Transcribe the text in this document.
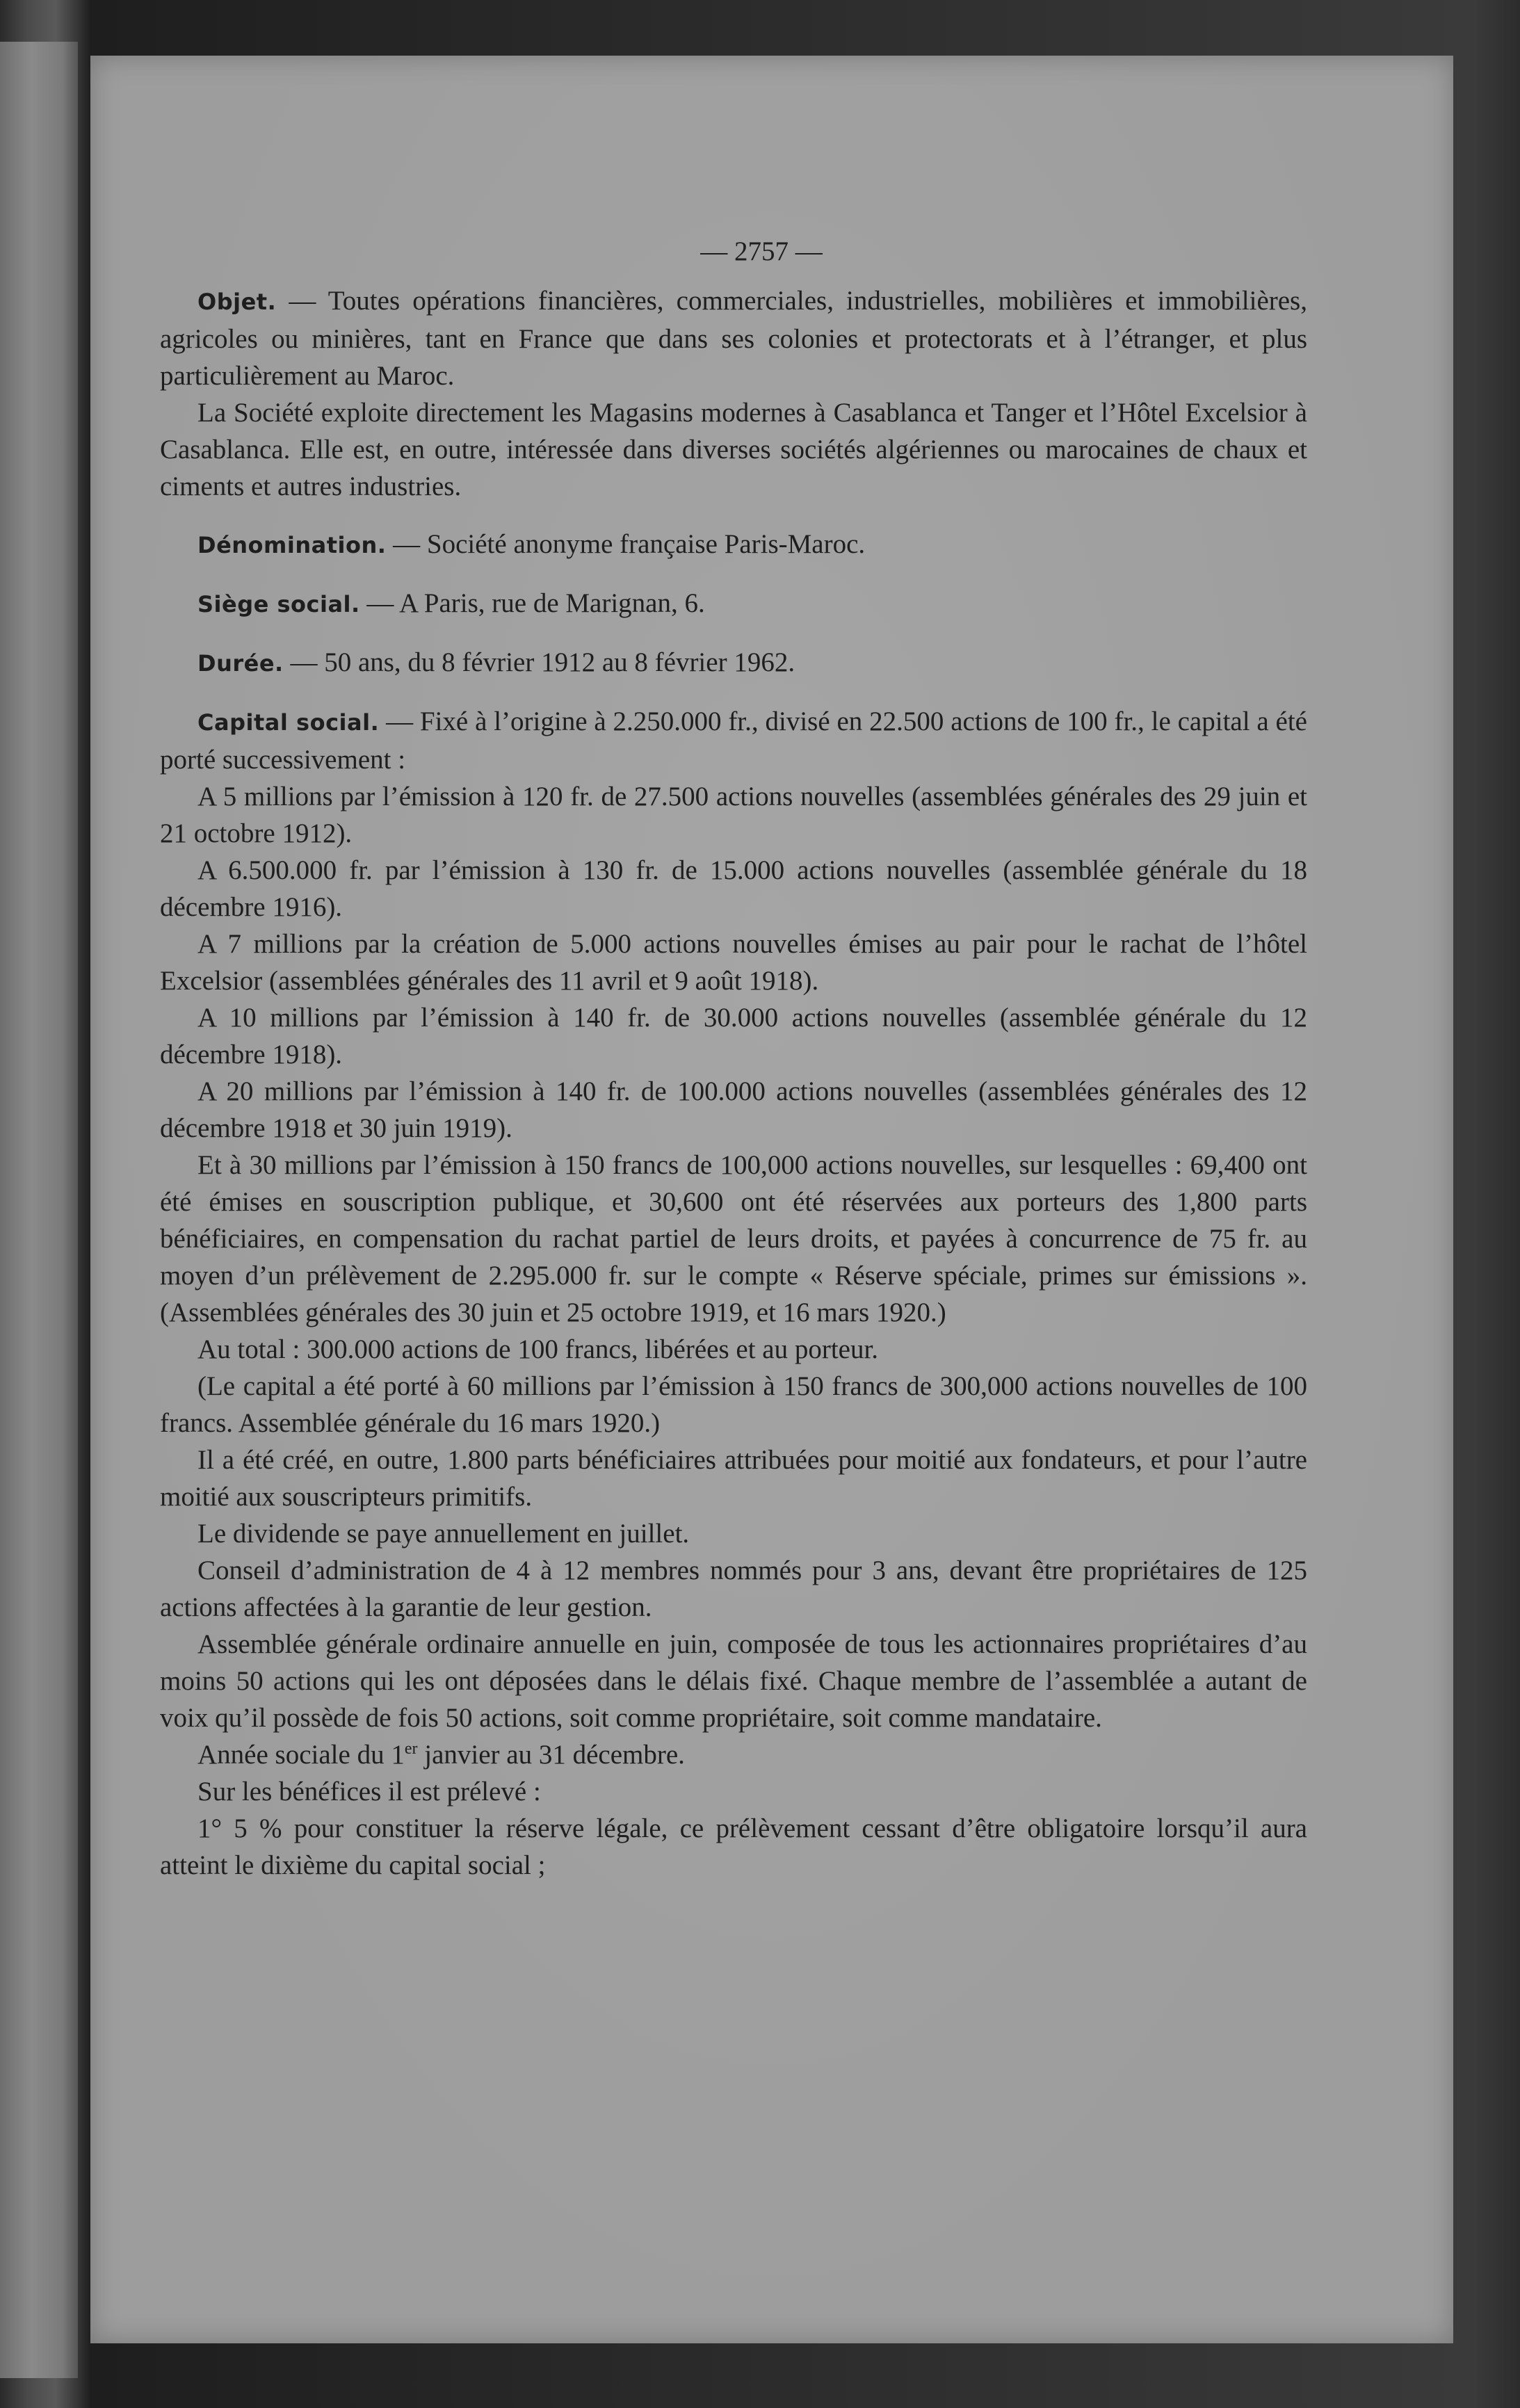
— 2757 —

Objet. — Toutes opérations financières, commerciales, industrielles, mobilières et immobilières, agricoles ou minières, tant en France que dans ses colonies et protectorats et à l’étranger, et plus particulièrement au Maroc.

La Société exploite directement les Magasins modernes à Casablanca et Tanger et l’Hôtel Excelsior à Casablanca. Elle est, en outre, intéressée dans diverses sociétés algériennes ou marocaines de chaux et ciments et autres industries.

Dénomination. — Société anonyme française Paris-Maroc.

Siège social. — A Paris, rue de Marignan, 6.

Durée. — 50 ans, du 8 février 1912 au 8 février 1962.

Capital social. — Fixé à l’origine à 2.250.000 fr., divisé en 22.500 actions de 100 fr., le capital a été porté successivement :

A 5 millions par l’émission à 120 fr. de 27.500 actions nouvelles (assemblées générales des 29 juin et 21 octobre 1912).

A 6.500.000 fr. par l’émission à 130 fr. de 15.000 actions nouvelles (assemblée générale du 18 décembre 1916).

A 7 millions par la création de 5.000 actions nouvelles émises au pair pour le rachat de l’hôtel Excelsior (assemblées générales des 11 avril et 9 août 1918).

A 10 millions par l’émission à 140 fr. de 30.000 actions nouvelles (assemblée générale du 12 décembre 1918).

A 20 millions par l’émission à 140 fr. de 100.000 actions nouvelles (assemblées générales des 12 décembre 1918 et 30 juin 1919).

Et à 30 millions par l’émission à 150 francs de 100,000 actions nouvelles, sur lesquelles : 69,400 ont été émises en souscription publique, et 30,600 ont été réservées aux porteurs des 1,800 parts bénéficiaires, en compensation du rachat partiel de leurs droits, et payées à concurrence de 75 fr. au moyen d’un prélèvement de 2.295.000 fr. sur le compte « Réserve spéciale, primes sur émissions ». (Assemblées générales des 30 juin et 25 octobre 1919, et 16 mars 1920.)

Au total : 300.000 actions de 100 francs, libérées et au porteur.

(Le capital a été porté à 60 millions par l’émission à 150 francs de 300,000 actions nouvelles de 100 francs. Assemblée générale du 16 mars 1920.)

Il a été créé, en outre, 1.800 parts bénéficiaires attribuées pour moitié aux fondateurs, et pour l’autre moitié aux souscripteurs primitifs.

Le dividende se paye annuellement en juillet.

Conseil d’administration de 4 à 12 membres nommés pour 3 ans, devant être propriétaires de 125 actions affectées à la garantie de leur gestion.

Assemblée générale ordinaire annuelle en juin, composée de tous les actionnaires propriétaires d’au moins 50 actions qui les ont déposées dans le délais fixé. Chaque membre de l’assemblée a autant de voix qu’il possède de fois 50 actions, soit comme propriétaire, soit comme mandataire.

Année sociale du 1er janvier au 31 décembre.

Sur les bénéfices il est prélevé :

1° 5 % pour constituer la réserve légale, ce prélèvement cessant d’être obligatoire lorsqu’il aura atteint le dixième du capital social ;
